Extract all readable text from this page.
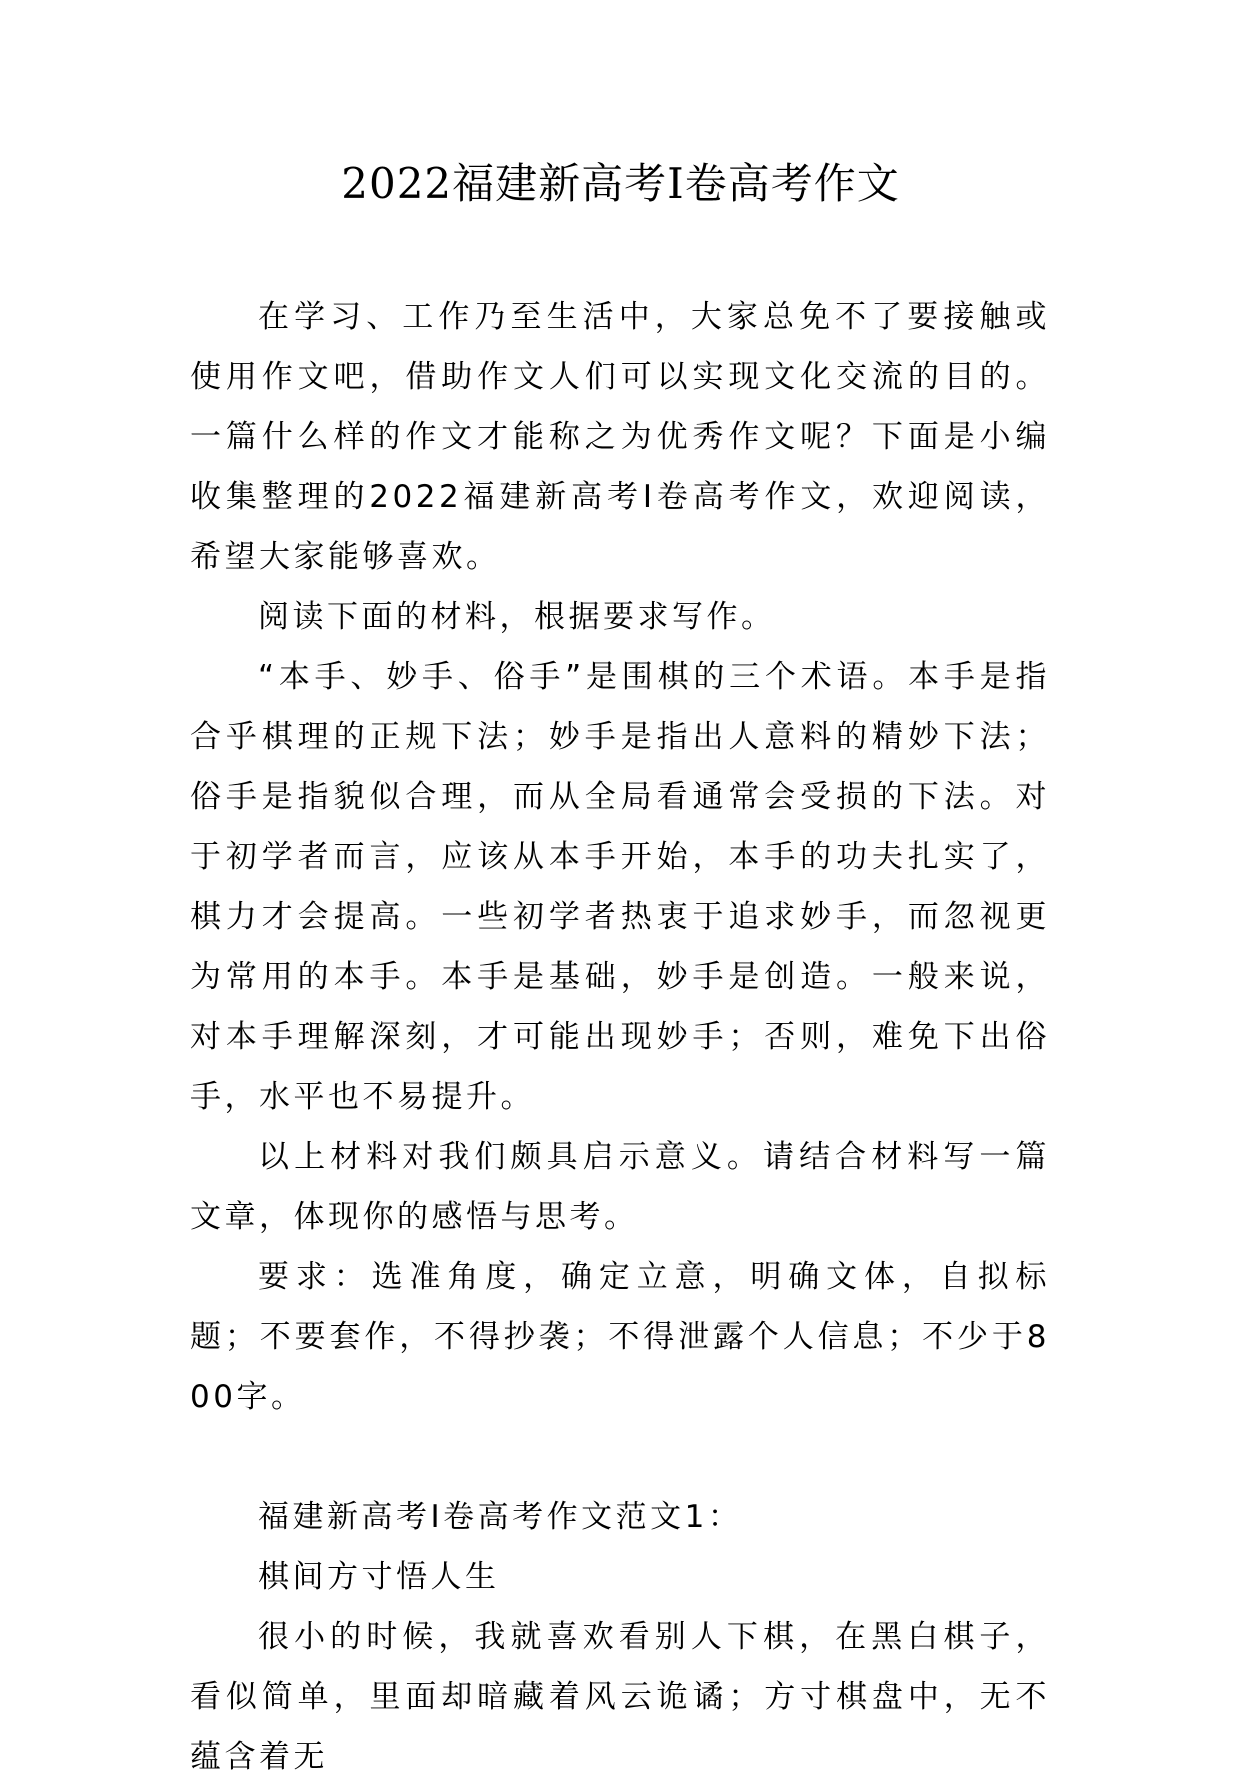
2022福建新高考Ⅰ卷高考作文

在学习、工作乃至生活中，大家总免不了要接触或使用作文吧，借助作文人们可以实现文化交流的目的。一篇什么样的作文才能称之为优秀作文呢？下面是小编收集整理的2022福建新高考Ⅰ卷高考作文，欢迎阅读，希望大家能够喜欢。

阅读下面的材料，根据要求写作。

“本手、妙手、俗手”是围棋的三个术语。本手是指合乎棋理的正规下法；妙手是指出人意料的精妙下法；俗手是指貌似合理，而从全局看通常会受损的下法。对于初学者而言，应该从本手开始，本手的功夫扎实了，棋力才会提高。一些初学者热衷于追求妙手，而忽视更为常用的本手。本手是基础，妙手是创造。一般来说，对本手理解深刻，才可能出现妙手；否则，难免下出俗手，水平也不易提升。

以上材料对我们颇具启示意义。请结合材料写一篇文章，体现你的感悟与思考。

要求：选准角度，确定立意，明确文体，自拟标题；不要套作，不得抄袭；不得泄露个人信息；不少于800字。

福建新高考Ⅰ卷高考作文范文1：

棋间方寸悟人生

很小的时候，我就喜欢看别人下棋，在黑白棋子，看似简单，里面却暗藏着风云诡谲；方寸棋盘中，无不蕴含着无
